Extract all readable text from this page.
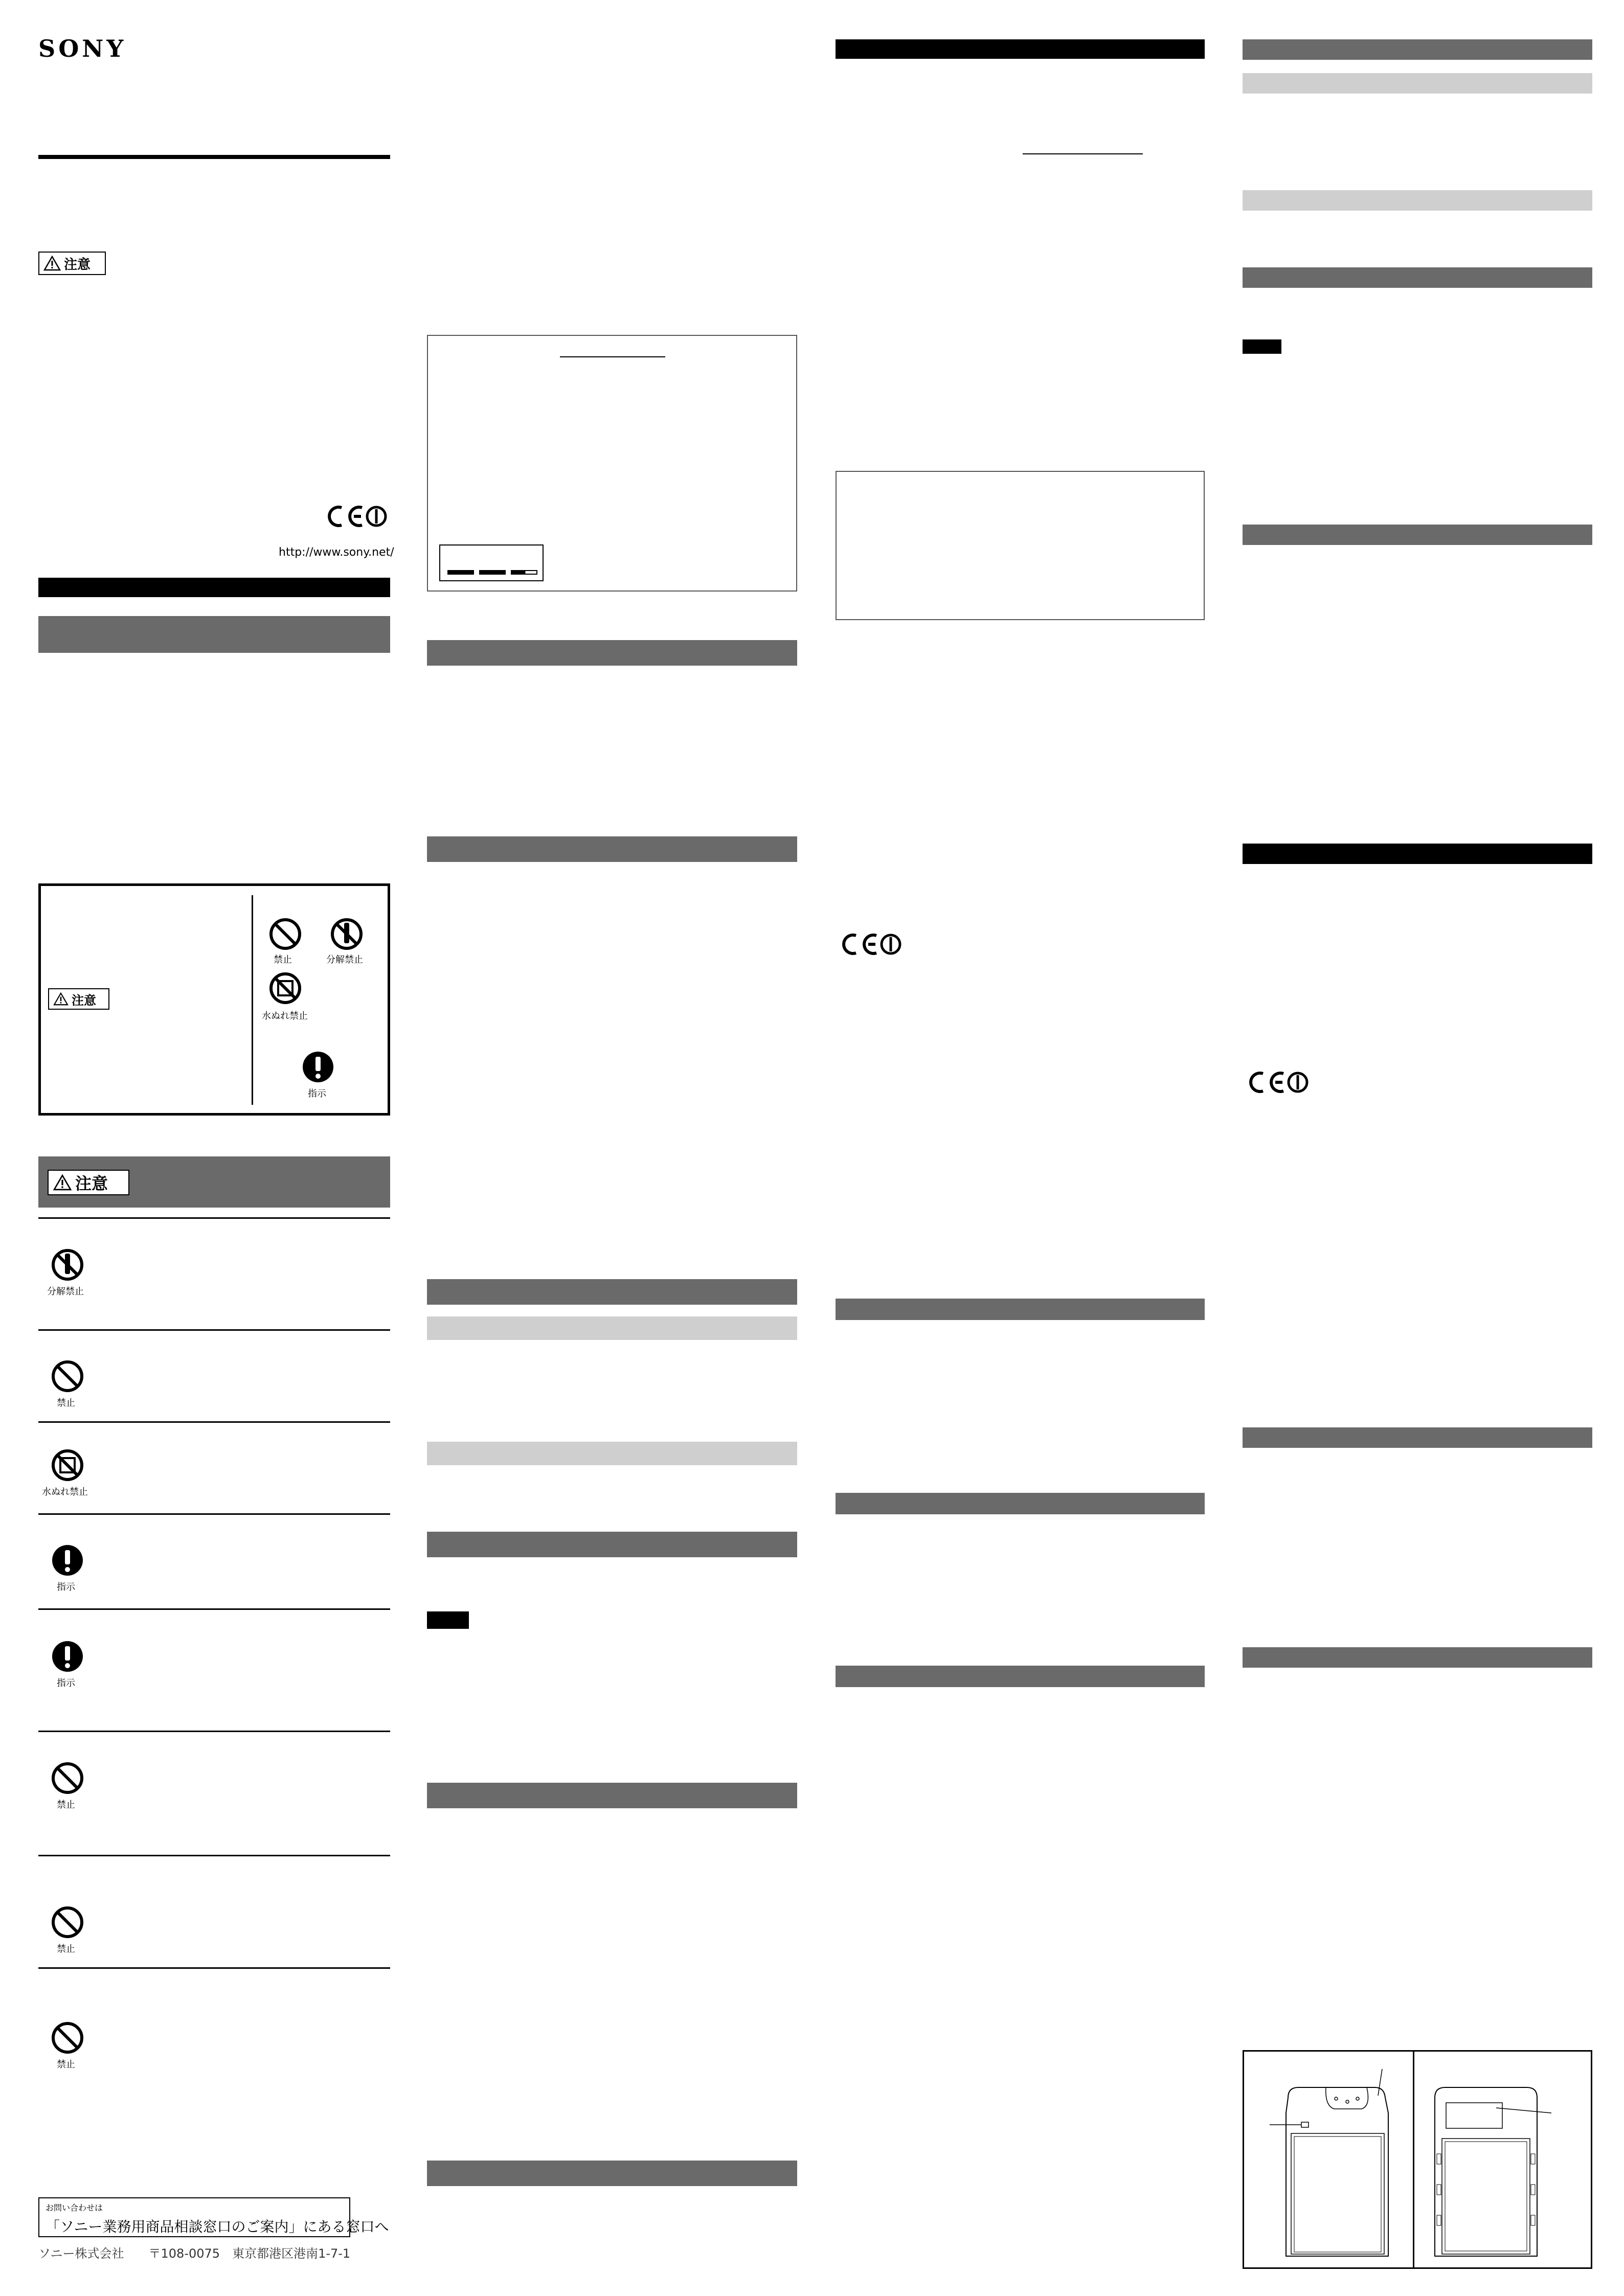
SONY
注意
http://www.sony.net/
注意
禁止	分解禁止
水ぬれ禁止
指示
注意
分解禁止
禁止
水ぬれ禁止
指示
指示
禁止
禁止
禁止
お問い合わせは
「ソニー業務用商品相談窓口のご案内」にある窓口へ
ソニー株式会社　　〒108-0075　東京都港区港南1-7-1
